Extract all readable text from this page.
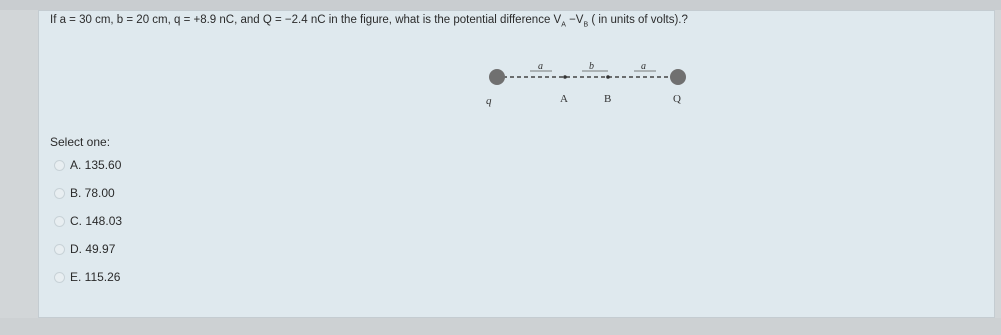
If a = 30 cm, b = 20 cm, q = +8.9 nC, and Q = −2.4 nC in the figure, what is the potential difference $V_A -V_B$ ( in units of volts).?
a	b	a
q	A	B	Q
Select one:
A. 135.60
B. 78.00
C. 148.03
D. 49.97
E. 115.26
